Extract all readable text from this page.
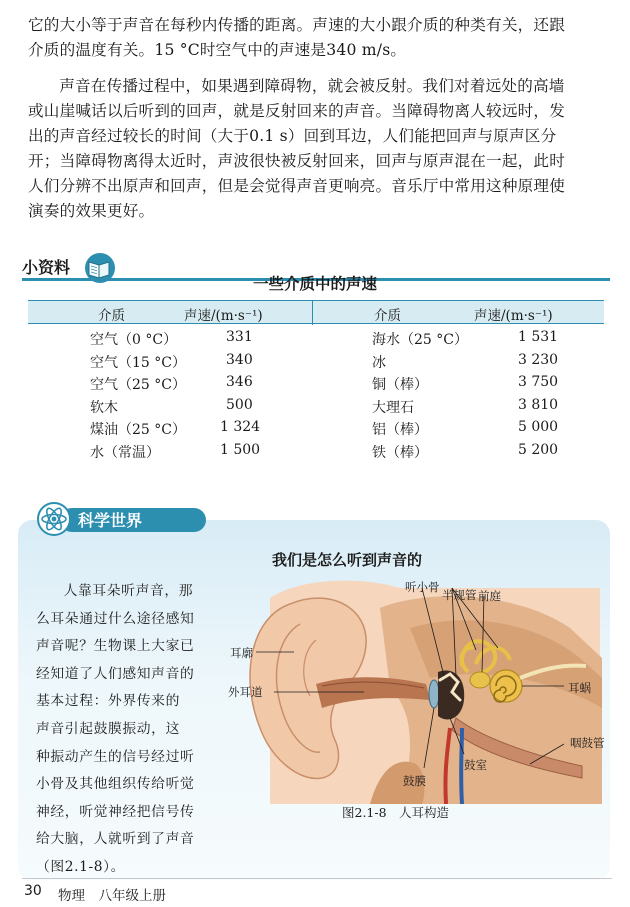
它的大小等于声音在每秒内传播的距离。声速的大小跟介质的种类有关，还跟

介质的温度有关。15 °C时空气中的声速是340 m/s。

声音在传播过程中，如果遇到障碍物，就会被反射。我们对着远处的高墙

或山崖喊话以后听到的回声，就是反射回来的声音。当障碍物离人较远时，发

出的声音经过较长的时间（大于0.1 s）回到耳边，人们能把回声与原声区分

开；当障碍物离得太近时，声波很快被反射回来，回声与原声混在一起，此时

人们分辨不出原声和回声，但是会觉得声音更响亮。音乐厅中常用这种原理使

演奏的效果更好。

小资料
一些介质中的声速
介质	声速/(m·s⁻¹)	介质	声速/(m·s⁻¹)
空气（0 °C）	331	海水（25 °C）	1 531
空气（15 °C）	340	冰	3 230
空气（25 °C）	346	铜（棒）	3 750
软木	500	大理石	3 810
煤油（25 °C） 1 324	铝（棒）	5 000
水（常温）	1 500	铁（棒）	5 200
科学世界
我们是怎么听到声音的

人靠耳朵听声音，那

么耳朵通过什么途径感知

声音呢？生物课上大家已

经知道了人们感知声音的

基本过程：外界传来的

声音引起鼓膜振动，这

种振动产生的信号经过听

小骨及其他组织传给听觉

神经，听觉神经把信号传

给大脑，人就听到了声音

（图2.1-8）。

听小骨
半规管 前庭
耳廓
耳蜗
外耳道
咽鼓管
鼓室
鼓膜
图2.1-8　人耳构造
30 物理　八年级上册
